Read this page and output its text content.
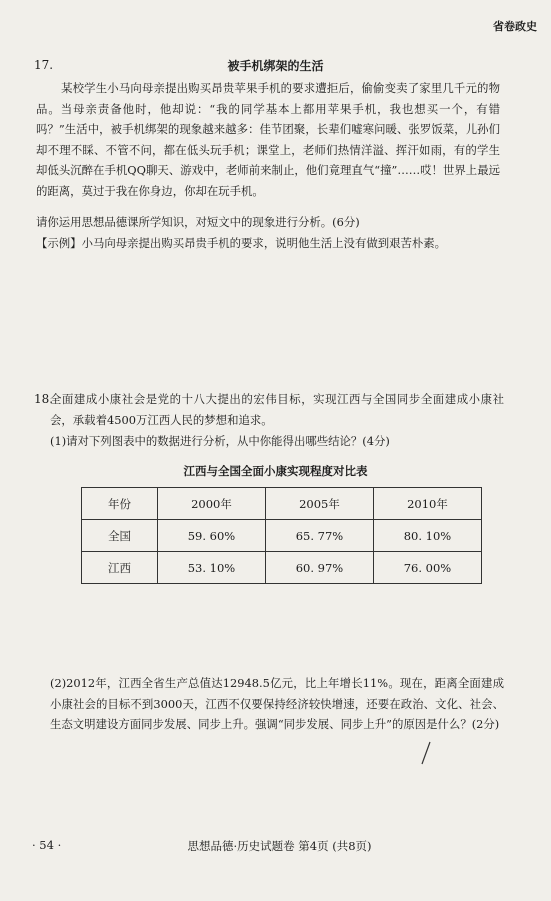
省卷政史
17.	被手机绑架的生活
某校学生小马向母亲提出购买昂贵苹果手机的要求遭拒后，偷偷变卖了家里几千元的物品。当母亲责备他时，他却说：“我的同学基本上都用苹果手机，我也想买一个，有错吗？”生活中，被手机绑架的现象越来越多：佳节团聚，长辈们嘘寒问暖、张罗饭菜，儿孙们却不理不睬、不管不问，都在低头玩手机；课堂上，老师们热情洋溢、挥汗如雨，有的学生却低头沉醉在手机QQ聊天、游戏中，老师前来制止，他们竟理直气“撞”……哎！世界上最远的距离，莫过于我在你身边，你却在玩手机。
请你运用思想品德课所学知识，对短文中的现象进行分析。(6分)
【示例】小马向母亲提出购买昂贵手机的要求，说明他生活上没有做到艰苦朴素。
18.
全面建成小康社会是党的十八大提出的宏伟目标，实现江西与全国同步全面建成小康社会，承载着4500万江西人民的梦想和追求。
(1)请对下列图表中的数据进行分析，从中你能得出哪些结论？(4分)
江西与全国全面小康实现程度对比表
年份	2000年	2005年	2010年
全国	59. 60%	65. 77%	80. 10%
江西	53. 10%	60. 97%	76. 00%
(2)2012年，江西全省生产总值达12948.5亿元，比上年增长11%。现在，距离全面建成小康社会的目标不到3000天，江西不仅要保持经济较快增速，还要在政治、文化、社会、生态文明建设方面同步发展、同步上升。强调“同步发展、同步上升”的原因是什么？(2分)
· 54 ·	思想品德·历史试题卷 第4页 (共8页)
